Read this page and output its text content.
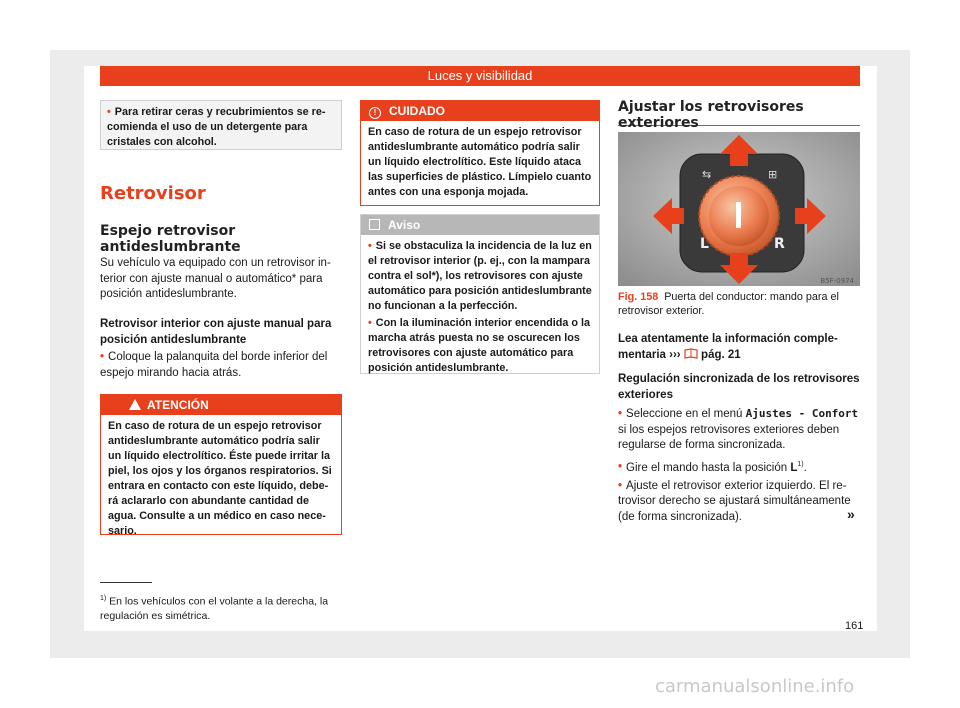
Luces y visibilidad
• Para retirar ceras y recubrimientos se recomienda el uso de un detergente para cristales con alcohol.
Retrovisor
Espejo retrovisor antideslumbrante
Su vehículo va equipado con un retrovisor interior con ajuste manual o automático* para posición antideslumbrante.
Retrovisor interior con ajuste manual para posición antideslumbrante
• Coloque la palanquita del borde inferior del espejo mirando hacia atrás.
ATENCIÓN
En caso de rotura de un espejo retrovisor antideslumbrante automático podría salir un líquido electrolítico. Éste puede irritar la piel, los ojos y los órganos respiratorios. Si entrara en contacto con este líquido, deberá aclararlo con abundante cantidad de agua. Consulte a un médico en caso necesario.
$^{1)}$ En los vehículos con el volante a la derecha, la regulación es simétrica.
! CUIDADO
En caso de rotura de un espejo retrovisor antideslumbrante automático podría salir un líquido electrolítico. Este líquido ataca las superficies de plástico. Límpielo cuanto antes con una esponja mojada.
Aviso
• Si se obstaculiza la incidencia de la luz en el retrovisor interior (p. ej., con la mampara contra el sol*), los retrovisores con ajuste automático para posición antideslumbrante no funcionan a la perfección.
• Con la iluminación interior encendida o la marcha atrás puesta no se oscurecen los retrovisores con ajuste automático para posición antideslumbrante.
Ajustar los retrovisores exteriores
⇆	⊞
L	R
B5F-0974
Fig. 158 Puerta del conductor: mando para el retrovisor exterior.
Lea atentamente la información complementaria ››› pág. 21
Regulación sincronizada de los retrovisores exteriores
• Seleccione en el menú Ajustes - Confort si los espejos retrovisores exteriores deben regularse de forma sincronizada.
• Gire el mando hasta la posición $L^{1)}$.
• Ajuste el retrovisor exterior izquierdo. El retrovisor derecho se ajustará simultáneamente (de forma sincronizada).	»
161
carmanualsonline.info
